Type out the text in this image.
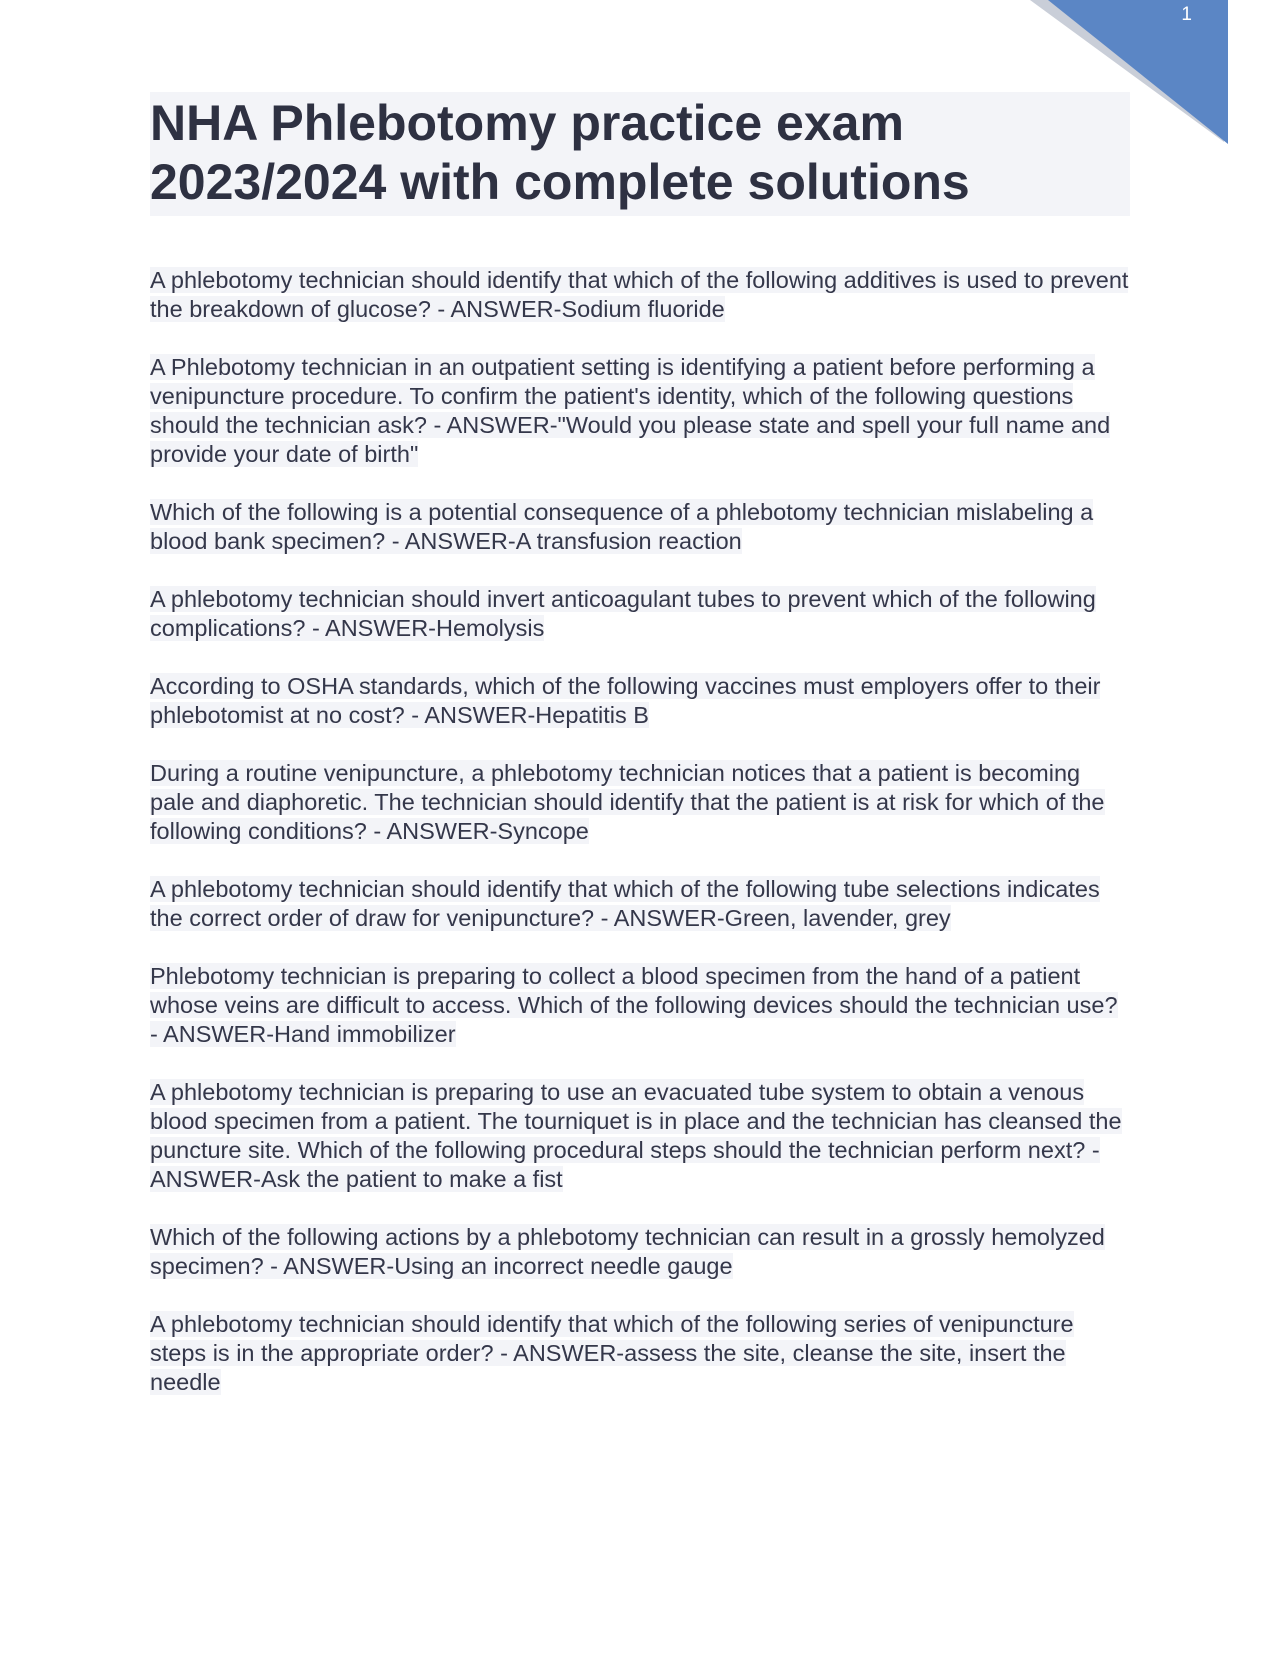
1
NHA Phlebotomy practice exam 2023/2024 with complete solutions

A phlebotomy technician should identify that which of the following additives is used to prevent the breakdown of glucose? - ANSWER-Sodium fluoride

A Phlebotomy technician in an outpatient setting is identifying a patient before performing a venipuncture procedure. To confirm the patient's identity, which of the following questions should the technician ask? - ANSWER-"Would you please state and spell your full name and provide your date of birth"

Which of the following is a potential consequence of a phlebotomy technician mislabeling a blood bank specimen? - ANSWER-A transfusion reaction

A phlebotomy technician should invert anticoagulant tubes to prevent which of the following complications? - ANSWER-Hemolysis

According to OSHA standards, which of the following vaccines must employers offer to their phlebotomist at no cost? - ANSWER-Hepatitis B

During a routine venipuncture, a phlebotomy technician notices that a patient is becoming pale and diaphoretic. The technician should identify that the patient is at risk for which of the following conditions? - ANSWER-Syncope

A phlebotomy technician should identify that which of the following tube selections indicates the correct order of draw for venipuncture? - ANSWER-Green, lavender, grey

Phlebotomy technician is preparing to collect a blood specimen from the hand of a patient whose veins are difficult to access. Which of the following devices should the technician use? - ANSWER-Hand immobilizer

A phlebotomy technician is preparing to use an evacuated tube system to obtain a venous blood specimen from a patient. The tourniquet is in place and the technician has cleansed the puncture site. Which of the following procedural steps should the technician perform next? - ANSWER-Ask the patient to make a fist

Which of the following actions by a phlebotomy technician can result in a grossly hemolyzed specimen? - ANSWER-Using an incorrect needle gauge

A phlebotomy technician should identify that which of the following series of venipuncture steps is in the appropriate order? - ANSWER-assess the site, cleanse the site, insert the needle
